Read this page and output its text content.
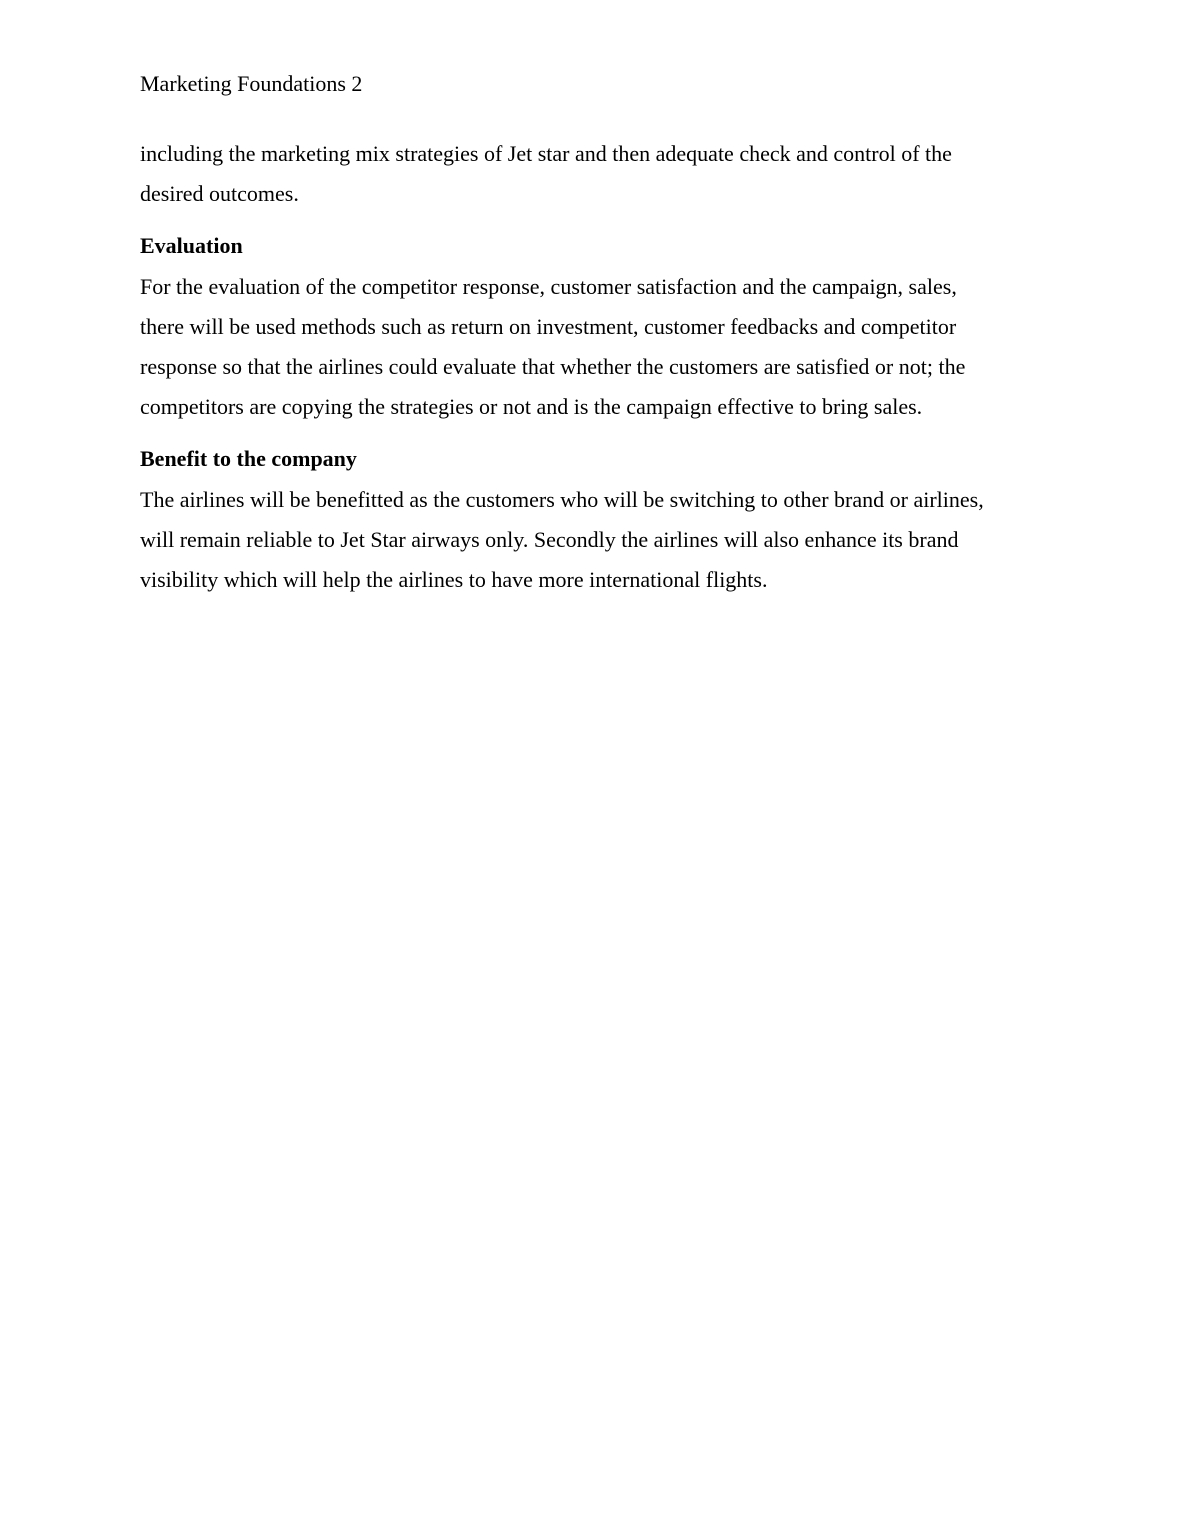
Marketing Foundations 2

including the marketing mix strategies of Jet star and then adequate check and control of the
desired outcomes.

Evaluation

For the evaluation of the competitor response, customer satisfaction and the campaign, sales,
there will be used methods such as return on investment, customer feedbacks and competitor
response so that the airlines could evaluate that whether the customers are satisfied or not; the
competitors are copying the strategies or not and is the campaign effective to bring sales.

Benefit to the company

The airlines will be benefitted as the customers who will be switching to other brand or airlines,
will remain reliable to Jet Star airways only. Secondly the airlines will also enhance its brand
visibility which will help the airlines to have more international flights.
